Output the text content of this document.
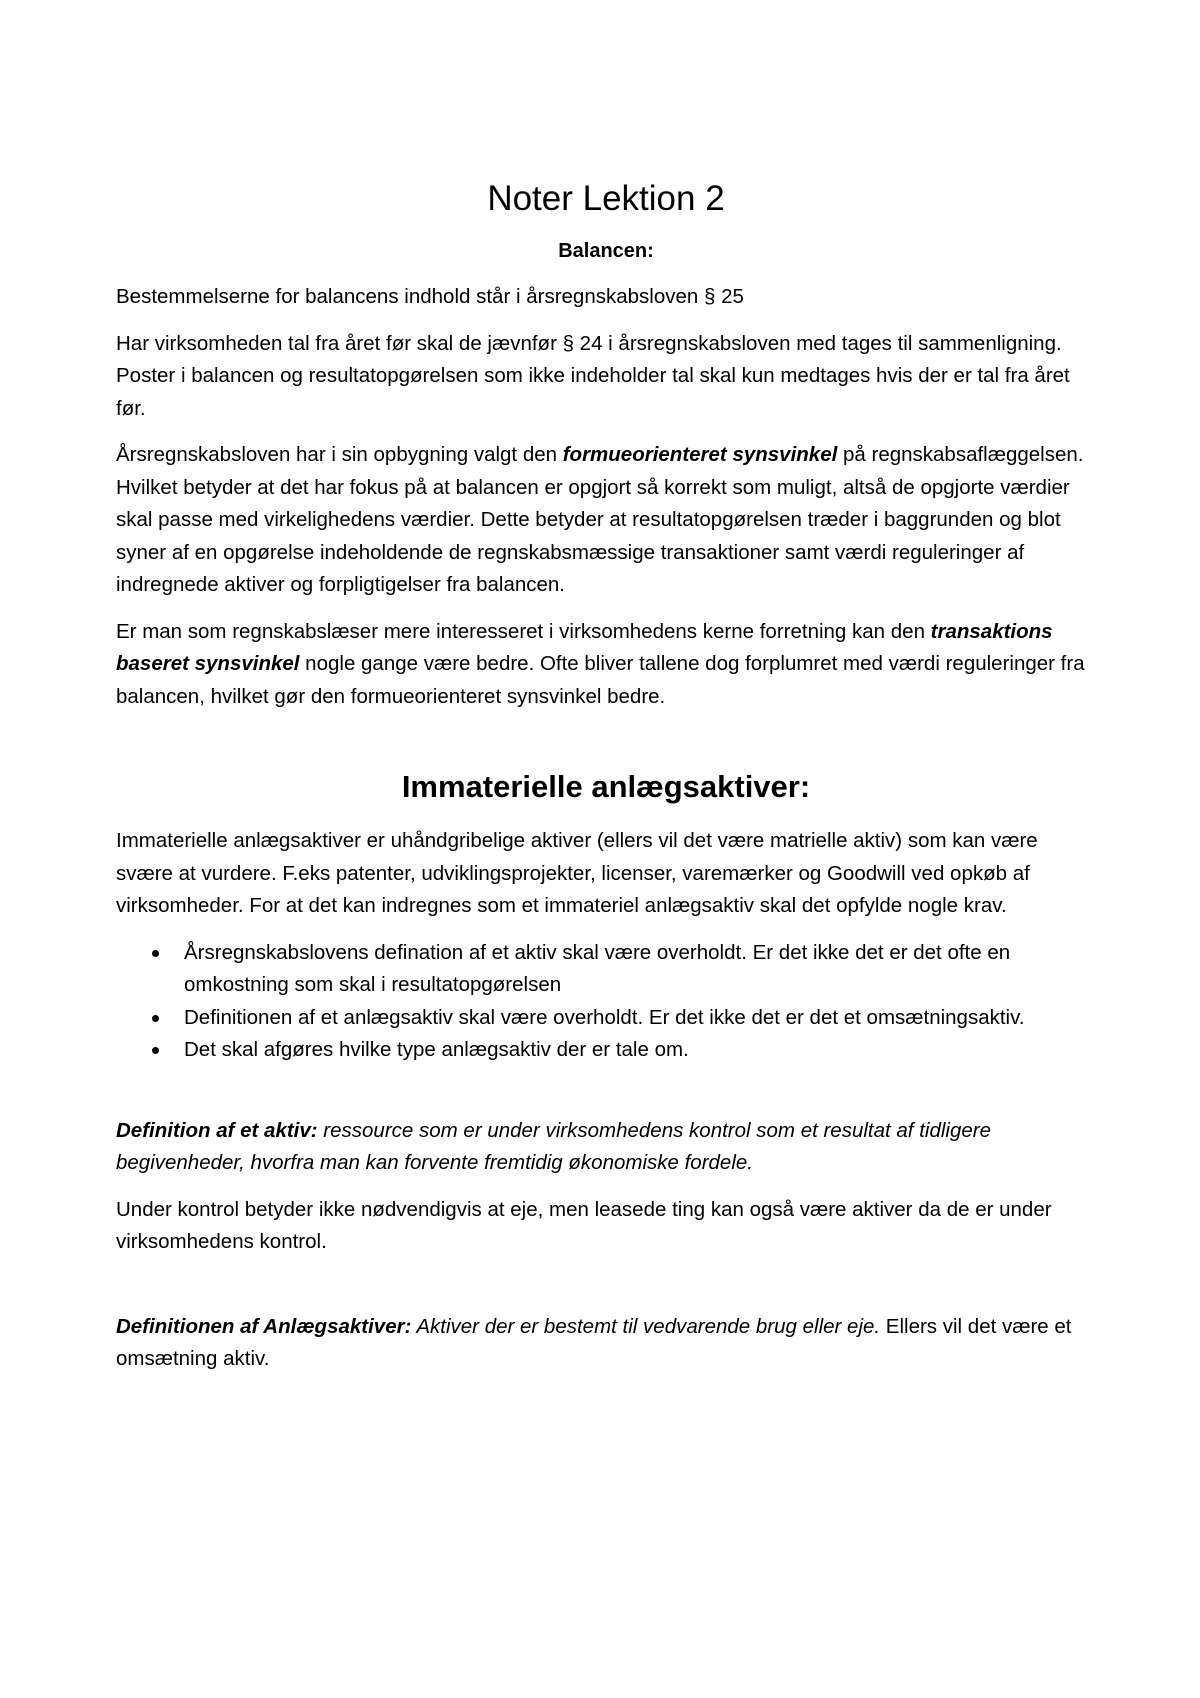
Noter Lektion 2
Balancen:

Bestemmelserne for balancens indhold står i årsregnskabsloven § 25

Har virksomheden tal fra året før skal de jævnfør § 24 i årsregnskabsloven med tages til sammenligning. Poster i balancen og resultatopgørelsen som ikke indeholder tal skal kun medtages hvis der er tal fra året før.

Årsregnskabsloven har i sin opbygning valgt den formueorienteret synsvinkel på regnskabsaflæggelsen. Hvilket betyder at det har fokus på at balancen er opgjort så korrekt som muligt, altså de opgjorte værdier skal passe med virkelighedens værdier. Dette betyder at resultatopgørelsen træder i baggrunden og blot syner af en opgørelse indeholdende de regnskabsmæssige transaktioner samt værdi reguleringer af indregnede aktiver og forpligtigelser fra balancen.

Er man som regnskabslæser mere interesseret i virksomhedens kerne forretning kan den transaktions baseret synsvinkel nogle gange være bedre. Ofte bliver tallene dog forplumret med værdi reguleringer fra balancen, hvilket gør den formueorienteret synsvinkel bedre.

Immaterielle anlægsaktiver:

Immaterielle anlægsaktiver er uhåndgribelige aktiver (ellers vil det være matrielle aktiv) som kan være svære at vurdere. F.eks patenter, udviklingsprojekter, licenser, varemærker og Goodwill ved opkøb af virksomheder. For at det kan indregnes som et immateriel anlægsaktiv skal det opfylde nogle krav.

Årsregnskabslovens defination af et aktiv skal være overholdt. Er det ikke det er det ofte en omkostning som skal i resultatopgørelsen
Definitionen af et anlægsaktiv skal være overholdt. Er det ikke det er det et omsætningsaktiv.
Det skal afgøres hvilke type anlægsaktiv der er tale om.

Definition af et aktiv: ressource som er under virksomhedens kontrol som et resultat af tidligere begivenheder, hvorfra man kan forvente fremtidig økonomiske fordele.

Under kontrol betyder ikke nødvendigvis at eje, men leasede ting kan også være aktiver da de er under virksomhedens kontrol.

Definitionen af Anlægsaktiver: Aktiver der er bestemt til vedvarende brug eller eje. Ellers vil det være et omsætning aktiv.
